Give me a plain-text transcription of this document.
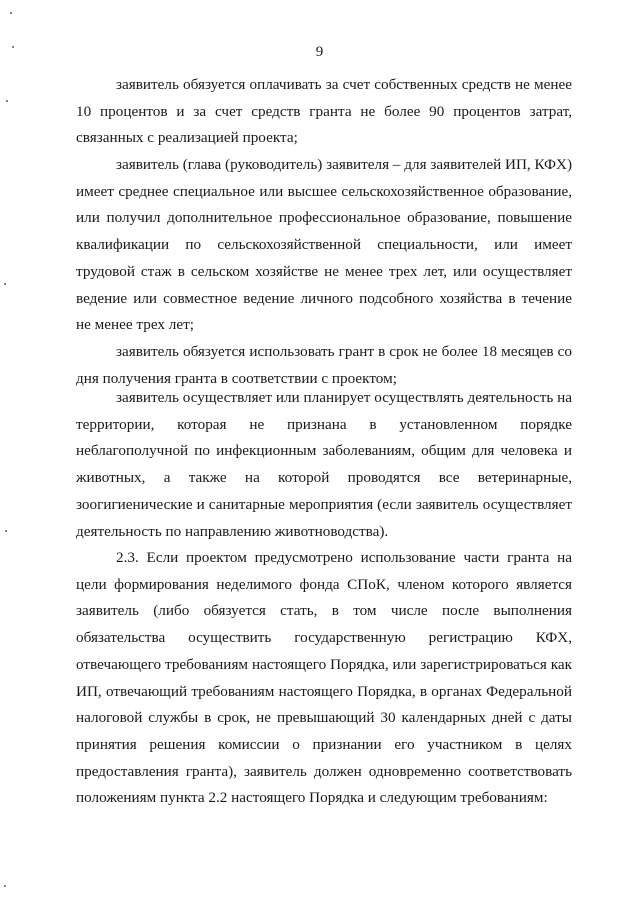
9

заявитель обязуется оплачивать за счет собственных средств не менее 10 процентов и за счет средств гранта не более 90 процентов затрат, связанных с реализацией проекта;

заявитель (глава (руководитель) заявителя – для заявителей ИП, КФХ) имеет среднее специальное или высшее сельскохозяйственное образование, или получил дополнительное профессиональное образование, повышение квалификации по сельскохозяйственной специальности, или имеет трудовой стаж в сельском хозяйстве не менее трех лет, или осуществляет ведение или совместное ведение личного подсобного хозяйства в течение не менее трех лет;

заявитель обязуется использовать грант в срок не более 18 месяцев со дня получения гранта в соответствии с проектом;

заявитель осуществляет или планирует осуществлять деятельность на территории, которая не признана в установленном порядке неблагополучной по инфекционным заболеваниям, общим для человека и животных, а также на которой проводятся все ветеринарные, зоогигиенические и санитарные мероприятия (если заявитель осуществляет деятельность по направлению животноводства).

2.3. Если проектом предусмотрено использование части гранта на цели формирования неделимого фонда СПоК, членом которого является заявитель (либо обязуется стать, в том числе после выполнения обязательства осуществить государственную регистрацию КФХ, отвечающего требованиям настоящего Порядка, или зарегистрироваться как ИП, отвечающий требованиям настоящего Порядка, в органах Федеральной налоговой службы в срок, не превышающий 30 календарных дней с даты принятия решения комиссии о признании его участником в целях предоставления гранта), заявитель должен одновременно соответствовать положениям пункта 2.2 настоящего Порядка и следующим требованиям:
